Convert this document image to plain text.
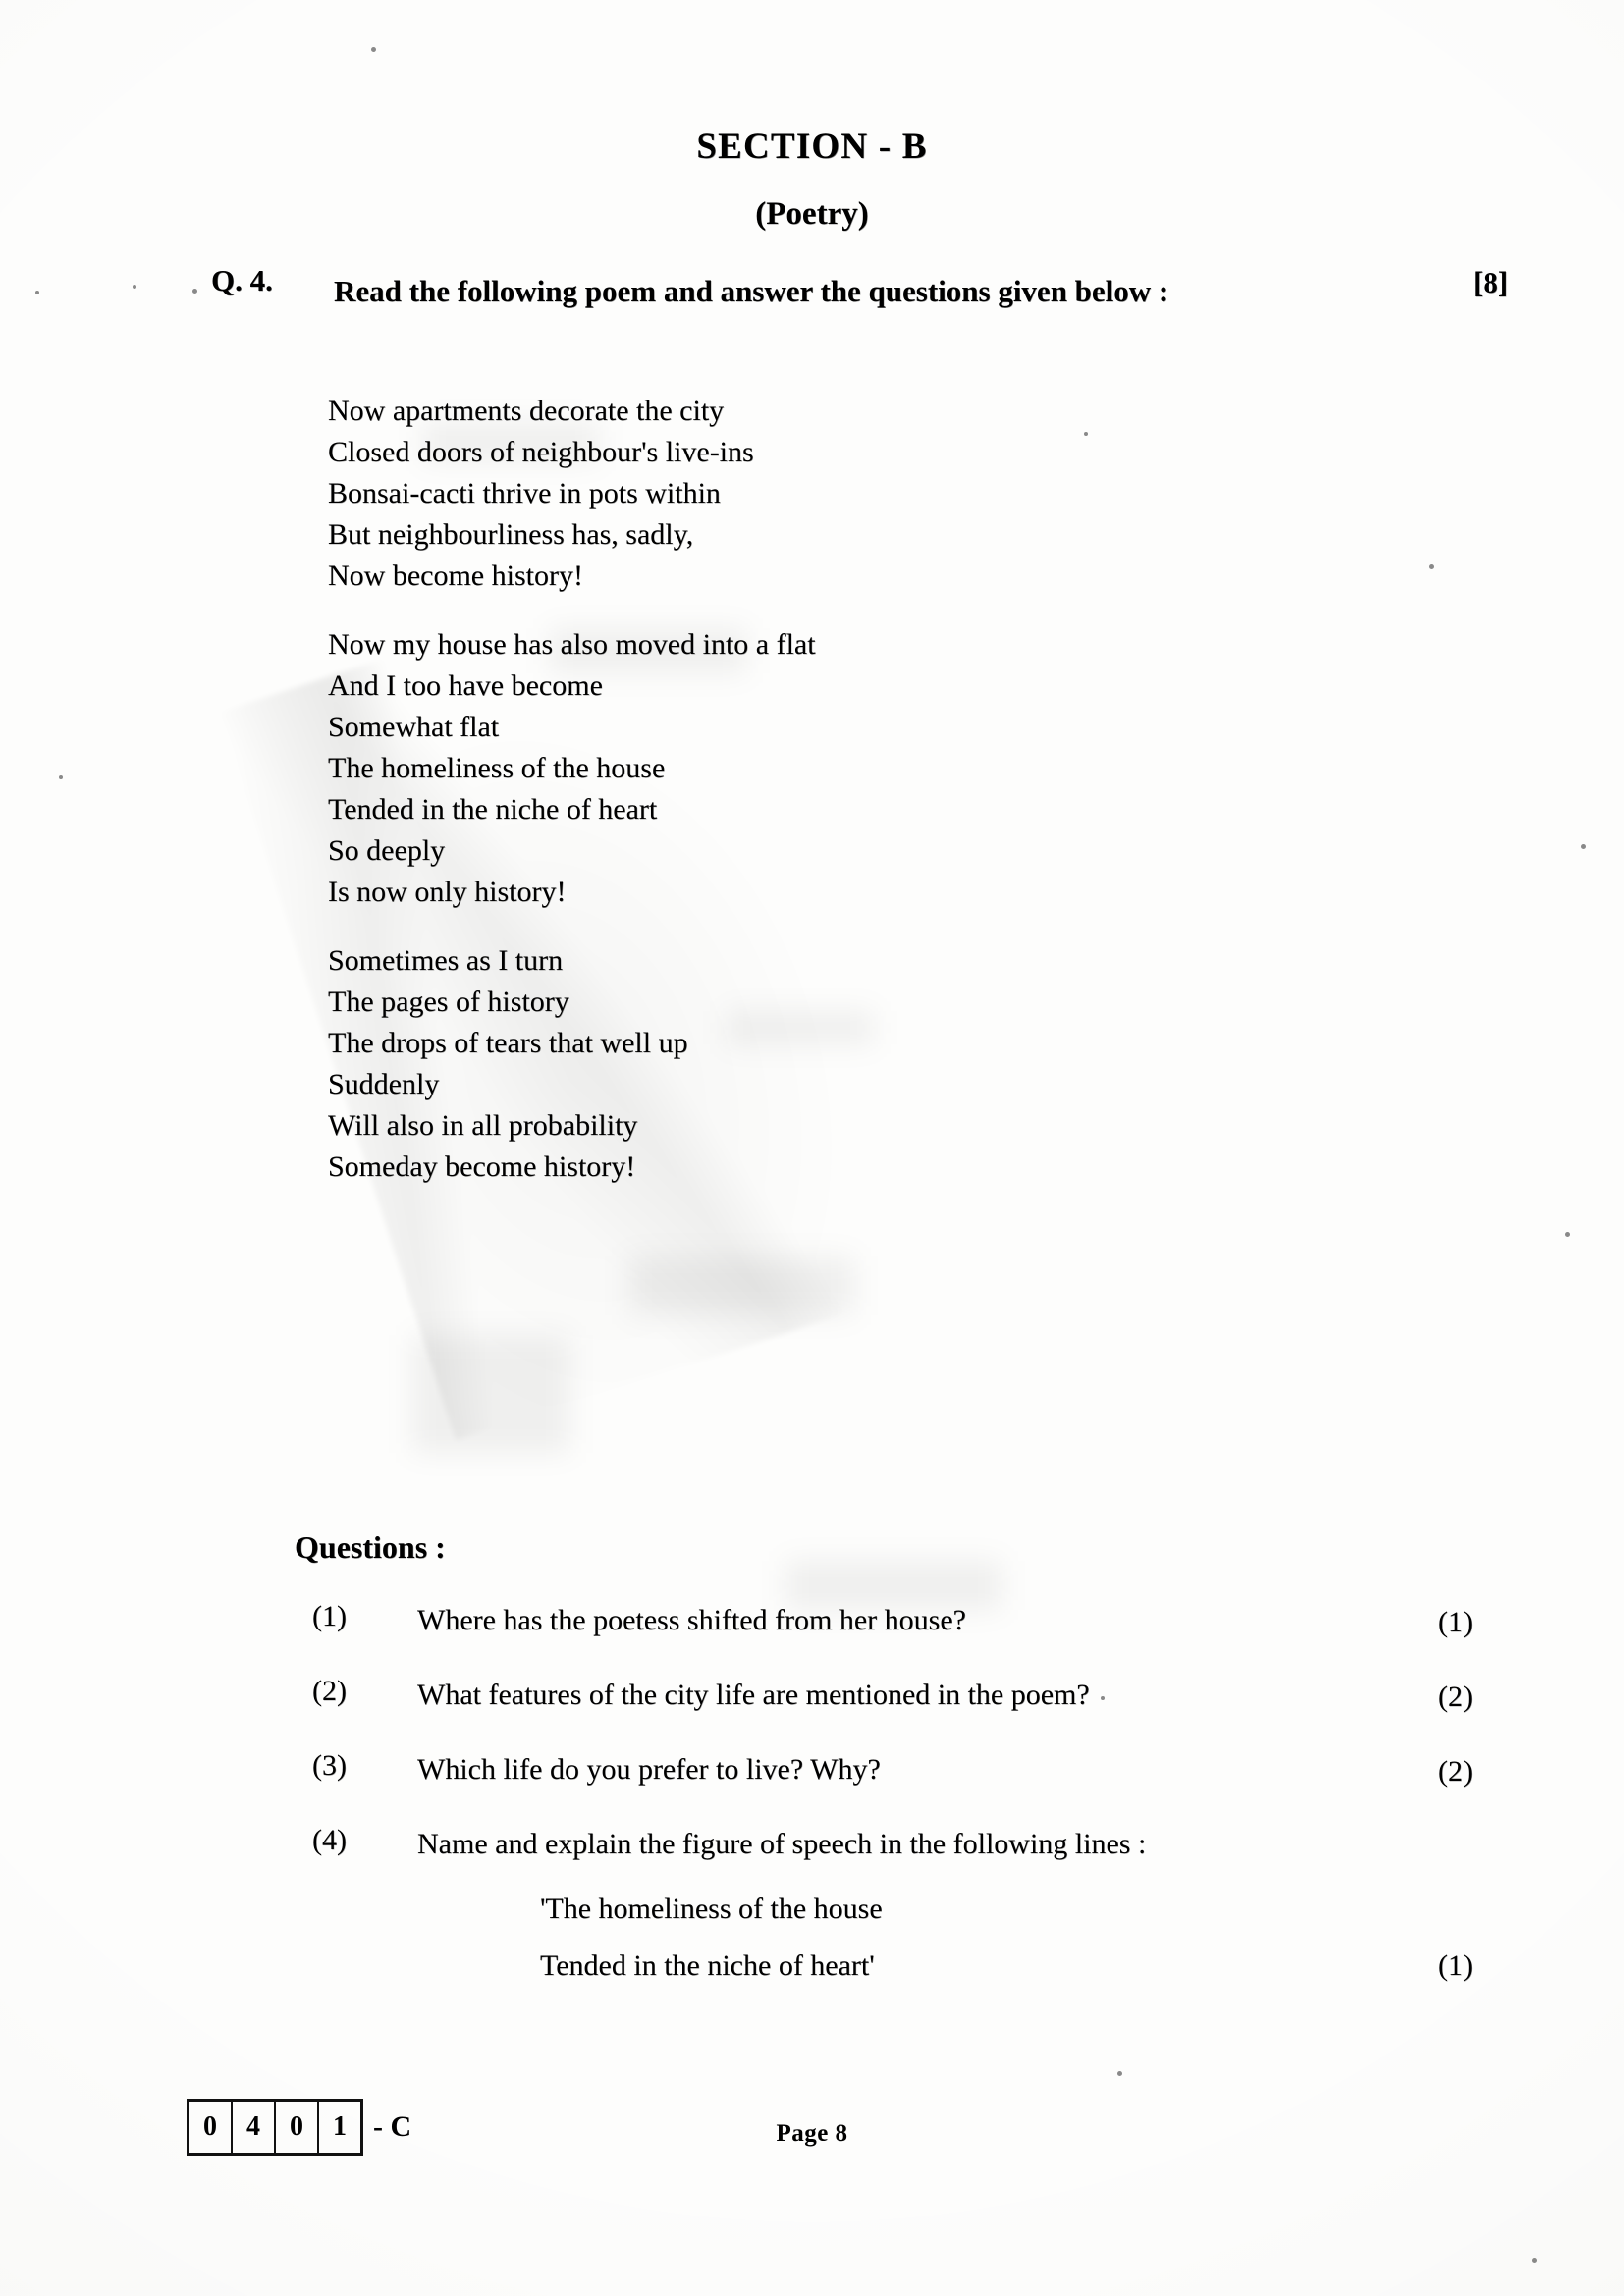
SECTION - B
(Poetry)
Q. 4. Read the following poem and answer the questions given below :	[8]
Now apartments decorate the city
Closed doors of neighbour's live-ins
Bonsai-cacti thrive in pots within
But neighbourliness has, sadly,
Now become history!
Now my house has also moved into a flat
And I too have become
Somewhat flat
The homeliness of the house
Tended in the niche of heart
So deeply
Is now only history!
Sometimes as I turn
The pages of history
The drops of tears that well up
Suddenly
Will also in all probability
Someday become history!
Questions :
(1)	Where has the poetess shifted from her house?	(1)
(2)	What features of the city life are mentioned in the poem?	(2)
(3)	Which life do you prefer to live? Why?	(2)
(4)	Name and explain the figure of speech in the following lines :
'The homeliness of the house
Tended in the niche of heart'	(1)
0	4	0	1 - C	Page 8
